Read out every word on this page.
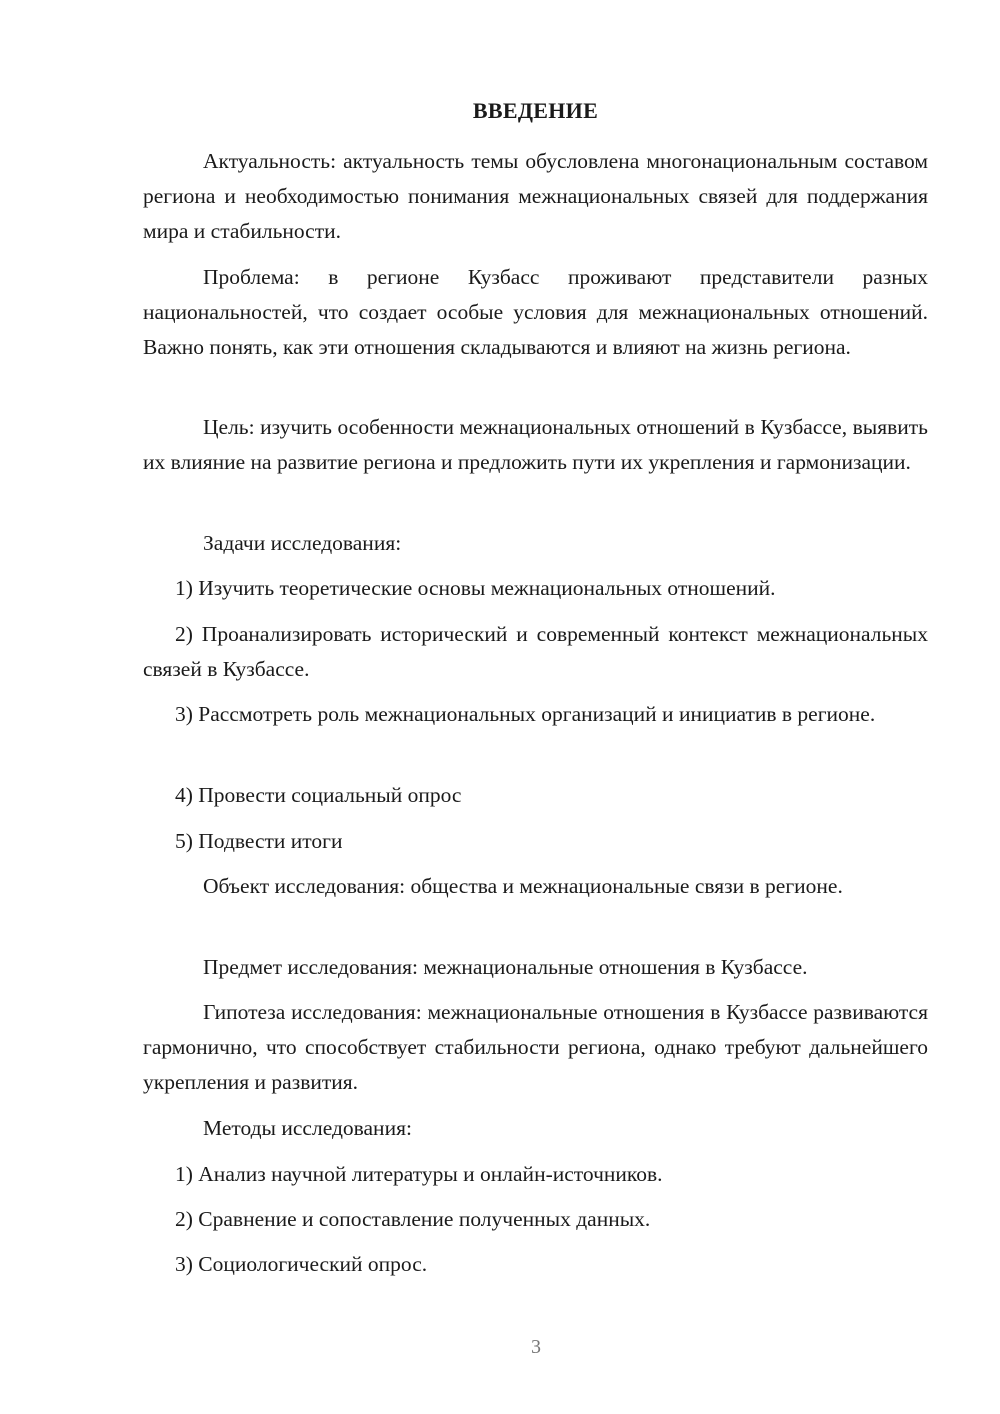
ВВЕДЕНИЕ

Актуальность: актуальность темы обусловлена многонациональным составом региона и необходимостью понимания межнациональных связей для поддержания мира и стабильности.

Проблема: в регионе Кузбасс проживают представители разных национальностей, что создает особые условия для межнациональных отношений. Важно понять, как эти отношения складываются и влияют на жизнь региона.

Цель: изучить особенности межнациональных отношений в Кузбассе, выявить их влияние на развитие региона и предложить пути их укрепления и гармонизации.

Задачи исследования:

1) Изучить теоретические основы межнациональных отношений.

2) Проанализировать исторический и современный контекст межнациональных связей в Кузбассе.

3) Рассмотреть роль межнациональных организаций и инициатив в регионе.

4) Провести социальный опрос

5) Подвести итоги

Объект исследования: общества и межнациональные связи в регионе.

Предмет исследования: межнациональные отношения в Кузбассе.

Гипотеза исследования: межнациональные отношения в Кузбассе развиваются гармонично, что способствует стабильности региона, однако требуют дальнейшего укрепления и развития.

Методы исследования:

1) Анализ научной литературы и онлайн-источников.

2) Сравнение и сопоставление полученных данных.

3) Социологический опрос.

3
